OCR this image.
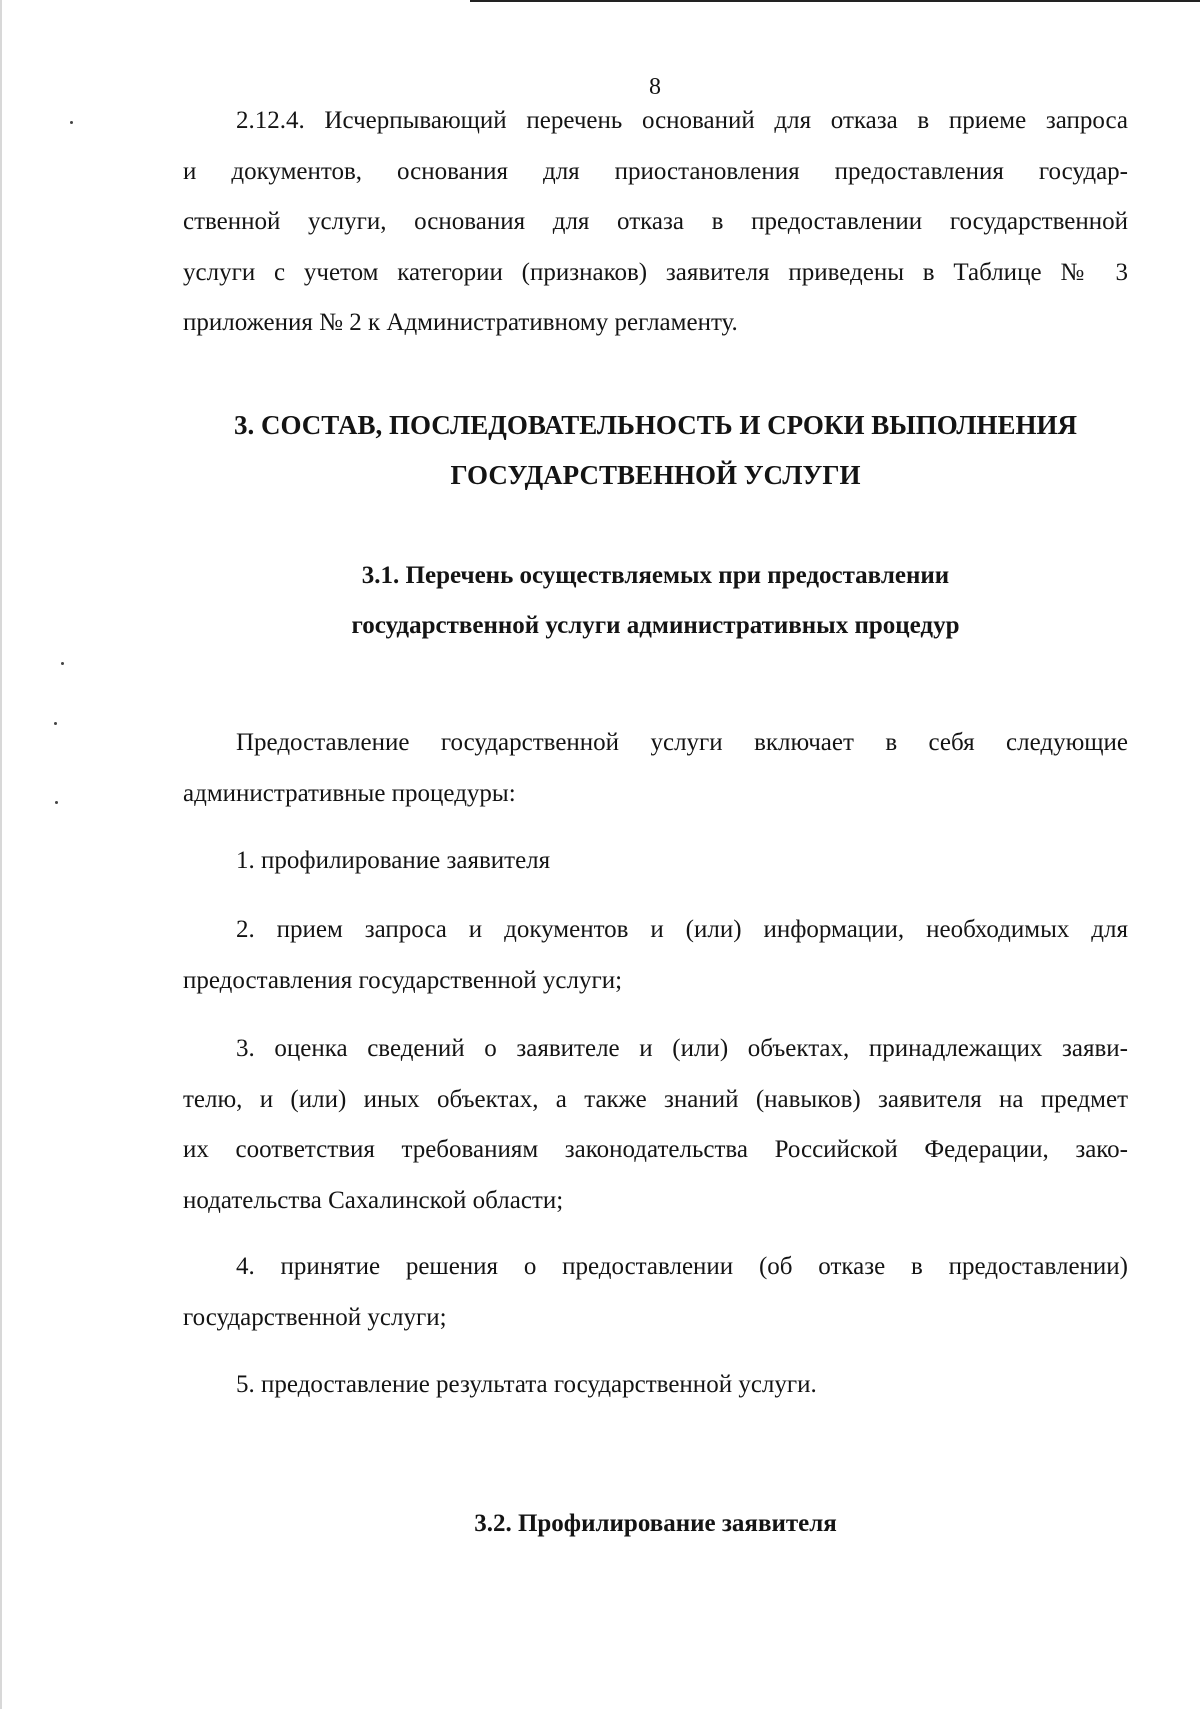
8
2.12.4. Исчерпывающий перечень оснований для отказа в приеме запроса
и документов, основания для приостановления предоставления государ-
ственной услуги, основания для отказа в предоставлении государственной
услуги с учетом категории (признаков) заявителя приведены в Таблице № 3
приложения № 2 к Административному регламенту.
3. СОСТАВ, ПОСЛЕДОВАТЕЛЬНОСТЬ И СРОКИ ВЫПОЛНЕНИЯ
ГОСУДАРСТВЕННОЙ УСЛУГИ
3.1. Перечень осуществляемых при предоставлении
государственной услуги административных процедур
Предоставление государственной услуги включает в себя следующие
административные процедуры:
1. профилирование заявителя
2. прием запроса и документов и (или) информации, необходимых для
предоставления государственной услуги;
3. оценка сведений о заявителе и (или) объектах, принадлежащих заяви-
телю, и (или) иных объектах, а также знаний (навыков) заявителя на предмет
их соответствия требованиям законодательства Российской Федерации, зако-
нодательства Сахалинской области;
4. принятие решения о предоставлении (об отказе в предоставлении)
государственной услуги;
5. предоставление результата государственной услуги.
3.2. Профилирование заявителя
